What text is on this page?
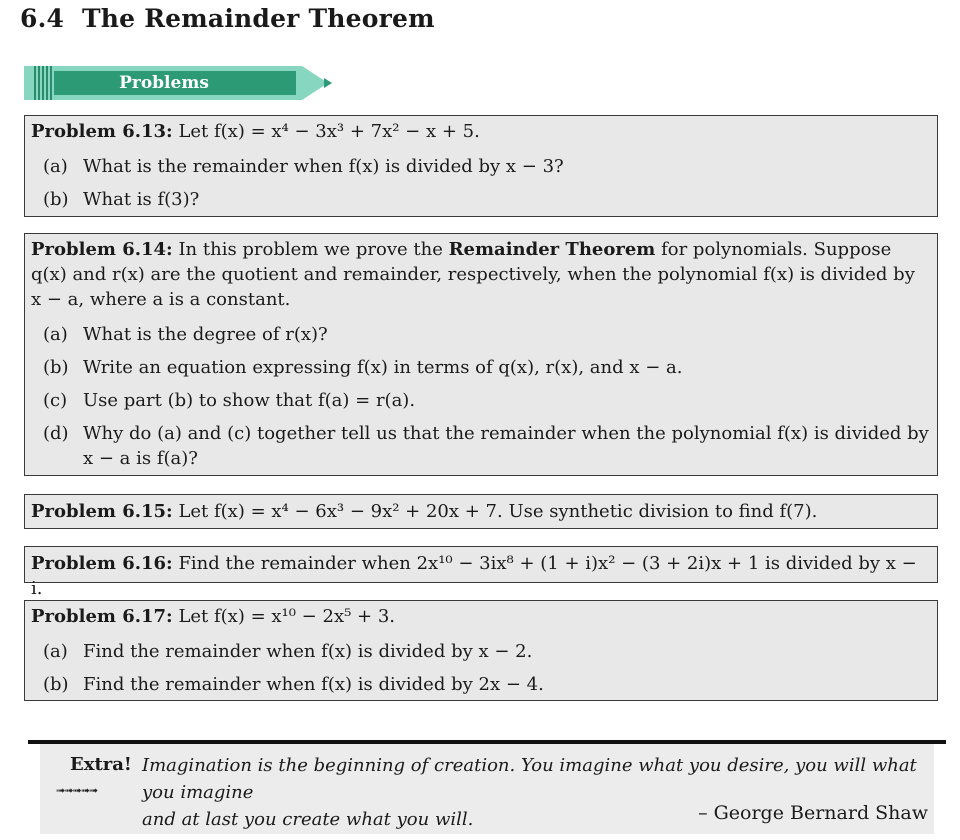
6.4 The Remainder Theorem
Problems
Problem 6.13: Let f(x) = x⁴ − 3x³ + 7x² − x + 5.
(a) What is the remainder when f(x) is divided by x − 3?
(b) What is f(3)?
Problem 6.14: In this problem we prove the Remainder Theorem for polynomials. Suppose q(x) and r(x) are the quotient and remainder, respectively, when the polynomial f(x) is divided by x − a, where a is a constant.
(a) What is the degree of r(x)?
(b) Write an equation expressing f(x) in terms of q(x), r(x), and x − a.
(c) Use part (b) to show that f(a) = r(a).
(d) Why do (a) and (c) together tell us that the remainder when the polynomial f(x) is divided by
x − a is f(a)?
Problem 6.15: Let f(x) = x⁴ − 6x³ − 9x² + 20x + 7. Use synthetic division to find f(7).
Problem 6.16: Find the remainder when 2x¹⁰ − 3ix⁸ + (1 + i)x² − (3 + 2i)x + 1 is divided by x − i.
Problem 6.17: Let f(x) = x¹⁰ − 2x⁵ + 3.
(a) Find the remainder when f(x) is divided by x − 2.
(b) Find the remainder when f(x) is divided by 2x − 4.
Extra!
➟➟➟➟➟
Imagination is the beginning of creation. You imagine what you desire, you will what you imagine
and at last you create what you will.	– George Bernard Shaw
